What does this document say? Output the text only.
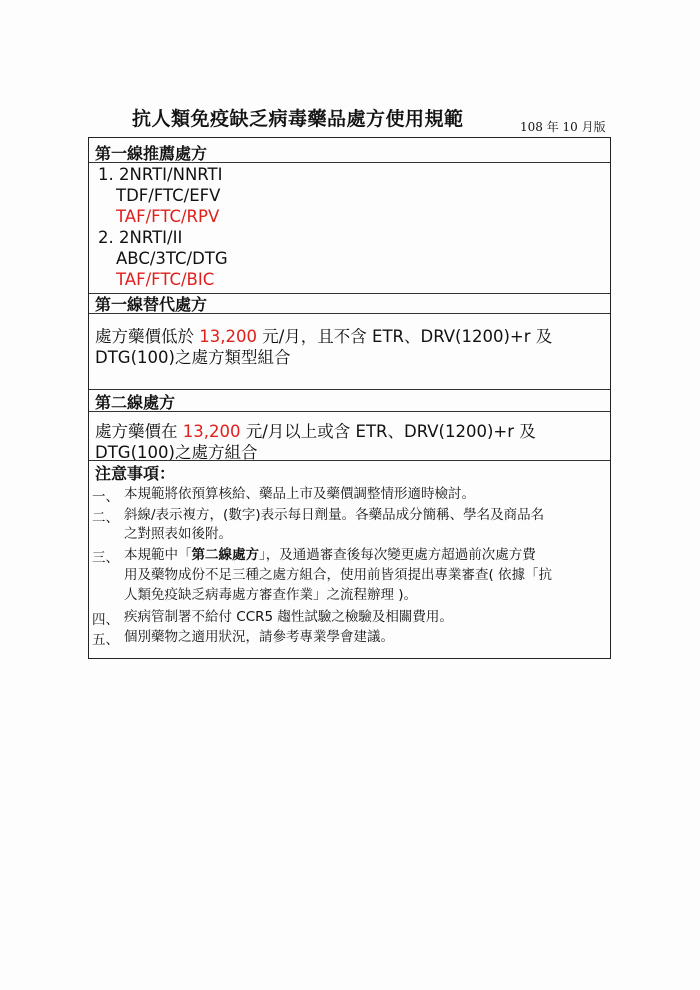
抗人類免疫缺乏病毒藥品處方使用規範	108 年 10 月版
第一線推薦處方
1. 2NRTI/NNRTI
TDF/FTC/EFV
TAF/FTC/RPV
2. 2NRTI/II
ABC/3TC/DTG
TAF/FTC/BIC
第一線替代處方
處方藥價低於 13,200 元/月，且不含 ETR、DRV(1200)+r 及
DTG(100)之處方類型組合
第二線處方
處方藥價在 13,200 元/月以上或含 ETR、DRV(1200)+r 及
DTG(100)之處方組合
注意事項：
一、 本規範將依預算核給、藥品上市及藥價調整情形適時檢討。
二、 斜線/表示複方，(數字)表示每日劑量。各藥品成分簡稱、學名及商品名
之對照表如後附。
三、 本規範中「第二線處方」，及通過審查後每次變更處方超過前次處方費
用及藥物成份不足三種之處方組合，使用前皆須提出專業審查( 依據「抗
人類免疫缺乏病毒處方審查作業」之流程辦理 )。
四、 疾病管制署不給付 CCR5 趨性試驗之檢驗及相關費用。
五、 個別藥物之適用狀況，請參考專業學會建議。
